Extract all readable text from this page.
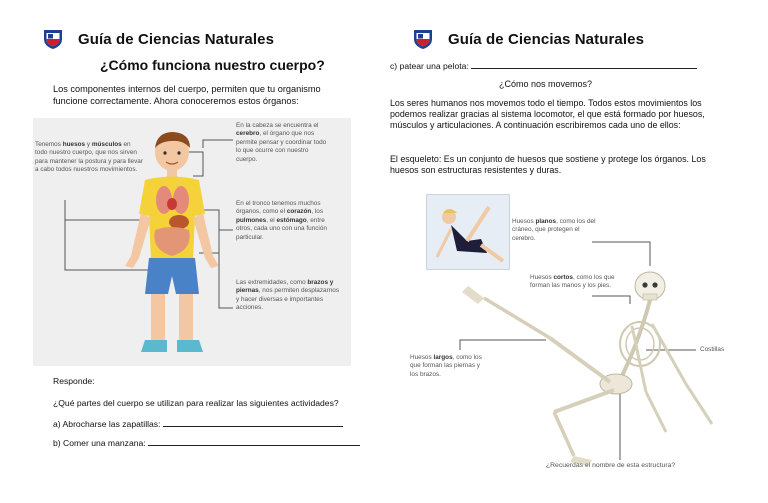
Guía de Ciencias Naturales
¿Cómo funciona nuestro cuerpo?
Los componentes internos del cuerpo, permiten que tu organismo funcione correctamente. Ahora conoceremos estos órganos:
Tenemos huesos y músculos en todo nuestro cuerpo, que nos sirven para mantener la postura y para llevar a cabo todos nuestros movimientos.
En la cabeza se encuentra el cerebro, el órgano que nos permite pensar y coordinar todo lo que ocurre con nuestro cuerpo.
En el tronco tenemos muchos órganos, como el corazón, los pulmones, el estómago, entre otros, cada uno con una función particular.
Las extremidades, como brazos y piernas, nos permiten desplazarnos y hacer diversas e importantes acciones.
Responde:
¿Qué partes del cuerpo se utilizan para realizar las siguientes actividades?
a) Abrocharse las zapatillas:
b) Comer una manzana:
Guía de Ciencias Naturales
c) patear una pelota:
¿Cómo nos movemos?
Los seres humanos nos movemos todo el tiempo. Todos estos movimientos los podemos realizar gracias al sistema locomotor, el que está formado por huesos, músculos y articulaciones. A continuación escribiremos cada uno de ellos:
El esqueleto: Es un conjunto de huesos que sostiene y protege los órganos. Los huesos son estructuras resistentes y duras.
Huesos planos, como los del cráneo, que protegen el cerebro.
Huesos cortos, como los que forman las manos y los pies.
Huesos largos, como los que forman las piernas y los brazos.
Costillas
¿Recuerdas el nombre de esta estructura?
